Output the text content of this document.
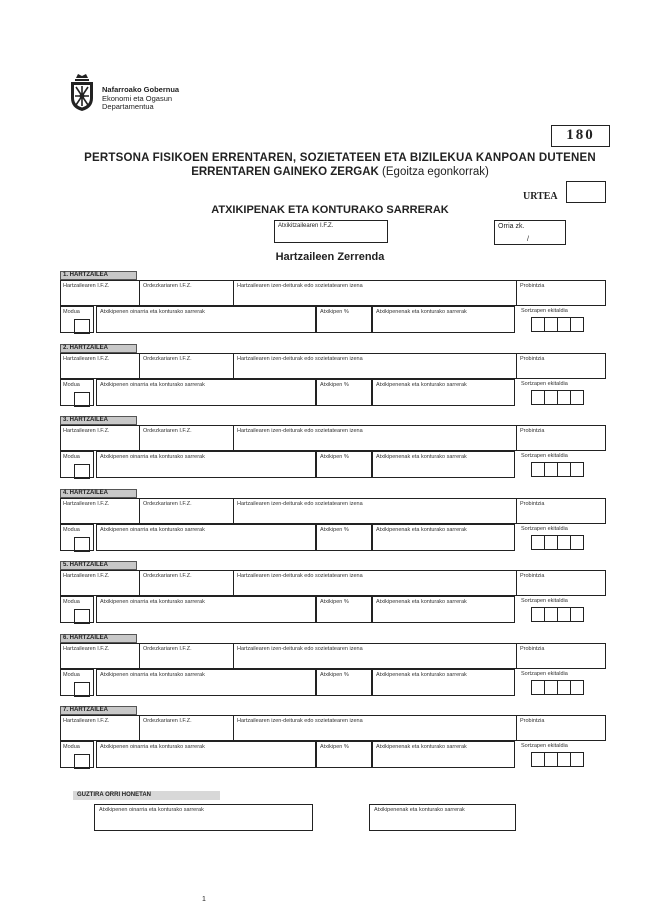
Nafarroako Gobernua
Ekonomi eta Ogasun
Departamentua
180
PERTSONA FISIKOEN ERRENTAREN, SOZIETATEEN ETA BIZILEKUA KANPOAN DUTENEN
ERRENTAREN GAINEKO ZERGAK (Egoitza egonkorrak)
URTEA
ATXIKIPENAK ETA KONTURAKO SARRERAK
Atxikitzailearen I.F.Z.	Orria zk.
/
Hartzaileen Zerrenda
1. HARTZAILEA
Hartzailearen I.F.Z.	Ordezkariaren I.F.Z.	Hartzailearen izen-deiturak edo sozietatearen izena	Probintzia
Modua	Atxikipenen oinarria eta konturako sarrerak	Atxikipen %	Atxikipenenak eta konturako sarrerak	Sortzapen ekitaldia
2. HARTZAILEA
Hartzailearen I.F.Z.	Ordezkariaren I.F.Z.	Hartzailearen izen-deiturak edo sozietatearen izena	Probintzia
Modua	Atxikipenen oinarria eta konturako sarrerak	Atxikipen %	Atxikipenenak eta konturako sarrerak	Sortzapen ekitaldia
3. HARTZAILEA
Hartzailearen I.F.Z.	Ordezkariaren I.F.Z.	Hartzailearen izen-deiturak edo sozietatearen izena	Probintzia
Modua	Atxikipenen oinarria eta konturako sarrerak	Atxikipen %	Atxikipenenak eta konturako sarrerak	Sortzapen ekitaldia
4. HARTZAILEA
Hartzailearen I.F.Z.	Ordezkariaren I.F.Z.	Hartzailearen izen-deiturak edo sozietatearen izena	Probintzia
Modua	Atxikipenen oinarria eta konturako sarrerak	Atxikipen %	Atxikipenenak eta konturako sarrerak	Sortzapen ekitaldia
5. HARTZAILEA
Hartzailearen I.F.Z.	Ordezkariaren I.F.Z.	Hartzailearen izen-deiturak edo sozietatearen izena	Probintzia
Modua	Atxikipenen oinarria eta konturako sarrerak	Atxikipen %	Atxikipenenak eta konturako sarrerak	Sortzapen ekitaldia
6. HARTZAILEA
Hartzailearen I.F.Z.	Ordezkariaren I.F.Z.	Hartzailearen izen-deiturak edo sozietatearen izena	Probintzia
Modua	Atxikipenen oinarria eta konturako sarrerak	Atxikipen %	Atxikipenenak eta konturako sarrerak	Sortzapen ekitaldia
7. HARTZAILEA
Hartzailearen I.F.Z.	Ordezkariaren I.F.Z.	Hartzailearen izen-deiturak edo sozietatearen izena	Probintzia
Modua	Atxikipenen oinarria eta konturako sarrerak	Atxikipen %	Atxikipenenak eta konturako sarrerak	Sortzapen ekitaldia
GUZTIRA ORRI HONETAN
Atxikipenen oinarria eta konturako sarrerak	Atxikipenenak eta konturako sarrerak
1
